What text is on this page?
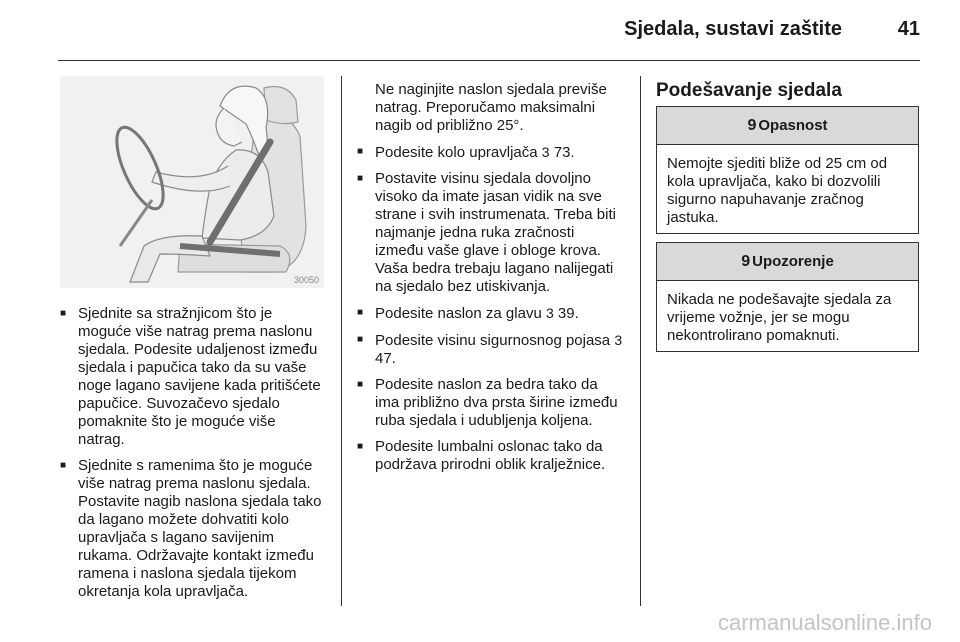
Sjedala, sustavi zaštite	41
30050

■ Sjednite sa stražnjicom što je moguće više natrag prema naslonu sjedala. Podesite udaljenost između sjedala i papučica tako da su vaše noge lagano savijene kada pritišćete papučice. Suvozačevo sjedalo pomaknite što je moguće više natrag.

■ Sjednite s ramenima što je moguće više natrag prema naslonu sjedala. Postavite nagib naslona sjedala tako da lagano možete dohvatiti kolo upravljača s lagano savijenim rukama. Održavajte kontakt između ramena i naslona sjedala tijekom okretanja kola upravljača.

Ne naginjite naslon sjedala previše natrag. Preporučamo maksimalni nagib od približno 25°.

■ Podesite kolo upravljača 3 73.

■ Postavite visinu sjedala dovoljno visoko da imate jasan vidik na sve strane i svih instrumenata. Treba biti najmanje jedna ruka zračnosti između vaše glave i obloge krova. Vaša bedra trebaju lagano nalijegati na sjedalo bez utiskivanja.

■ Podesite naslon za glavu 3 39.

■ Podesite visinu sigurnosnog pojasa 3 47.

■ Podesite naslon za bedra tako da ima približno dva prsta širine između ruba sjedala i udubljenja koljena.

■ Podesite lumbalni oslonac tako da podržava prirodni oblik kralježnice.

Podešavanje sjedala
9 Opasnost
Nemojte sjediti bliže od 25 cm od kola upravljača, kako bi dozvolili sigurno napuhavanje zračnog jastuka.
9 Upozorenje
Nikada ne podešavajte sjedala za vrijeme vožnje, jer se mogu nekontrolirano pomaknuti.
carmanualsonline.info
